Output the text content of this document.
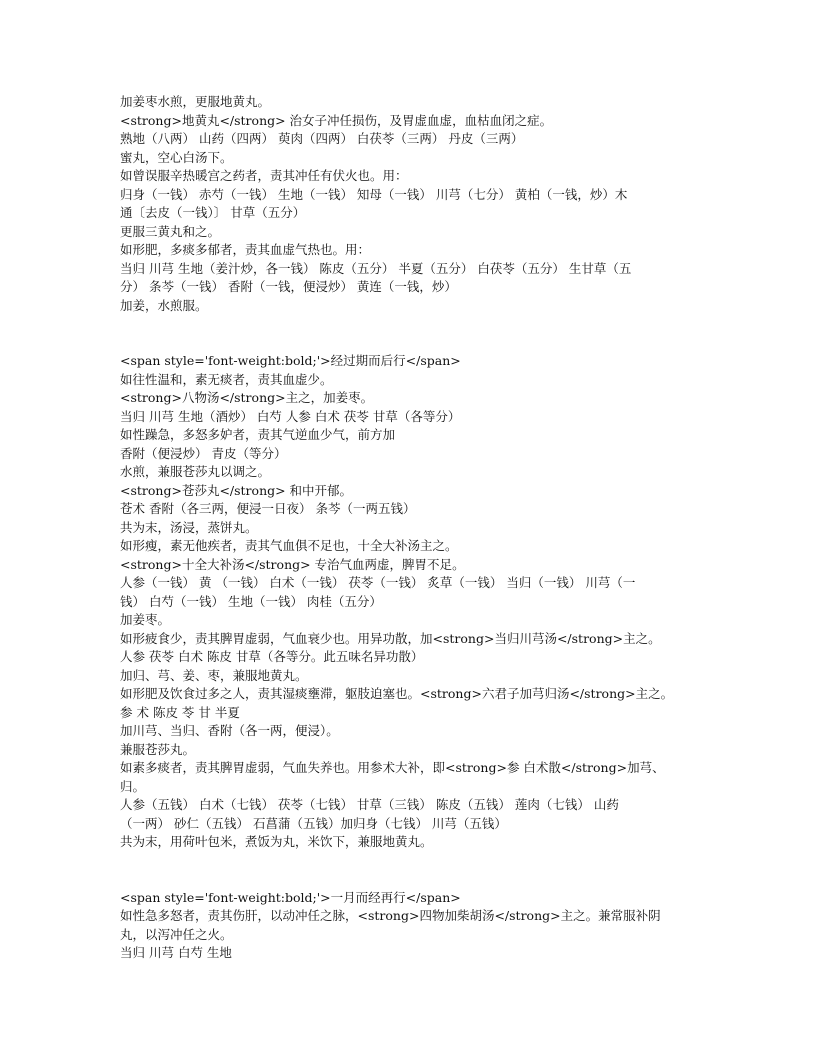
加姜枣水煎，更服地黄丸。
<strong>地黄丸</strong> 治女子冲任损伤，及胃虚血虚，血枯血闭之症。
熟地（八两） 山药（四两） 萸肉（四两） 白茯苓（三两） 丹皮（三两）
蜜丸，空心白汤下。
如曾误服辛热暖宫之药者，责其冲任有伏火也。用：
归身（一钱） 赤芍（一钱） 生地（一钱） 知母（一钱） 川芎（七分） 黄柏（一钱，炒）木
通〔去皮（一钱）〕 甘草（五分）
更服三黄丸和之。
如形肥，多痰多郁者，责其血虚气热也。用：
当归 川芎 生地（姜汁炒，各一钱） 陈皮（五分） 半夏（五分） 白茯苓（五分） 生甘草（五
分） 条芩（一钱） 香附（一钱，便浸炒） 黄连（一钱，炒）
加姜，水煎服。
<span style='font-weight:bold;'>经过期而后行</span>
如往性温和，素无痰者，责其血虚少。
<strong>八物汤</strong>主之，加姜枣。
当归 川芎 生地（酒炒） 白芍 人参 白术 茯苓 甘草（各等分）
如性躁急，多怒多妒者，责其气逆血少气，前方加
香附（便浸炒） 青皮（等分）
水煎，兼服苍莎丸以调之。
<strong>苍莎丸</strong> 和中开郁。
苍术 香附（各三两，便浸一日夜） 条芩（一两五钱）
共为末，汤浸，蒸饼丸。
如形瘦，素无他疾者，责其气血俱不足也，十全大补汤主之。
<strong>十全大补汤</strong> 专治气血两虚，脾胃不足。
人参（一钱） 黄 （一钱） 白术（一钱） 茯苓（一钱） 炙草（一钱） 当归（一钱） 川芎（一
钱） 白芍（一钱） 生地（一钱） 肉桂（五分）
加姜枣。
如形疲食少，责其脾胃虚弱，气血衰少也。用异功散，加<strong>当归川芎汤</strong>主之。
人参 茯苓 白术 陈皮 甘草（各等分。此五味名异功散）
加归、芎、姜、枣，兼服地黄丸。
如形肥及饮食过多之人，责其湿痰壅滞，躯肢迫塞也。<strong>六君子加芎归汤</strong>主之。
参 术 陈皮 苓 甘 半夏
加川芎、当归、香附（各一两，便浸）。
兼服苍莎丸。
如素多痰者，责其脾胃虚弱，气血失养也。用参术大补，即<strong>参 白术散</strong>加芎、
归。
人参（五钱） 白术（七钱） 茯苓（七钱） 甘草（三钱） 陈皮（五钱） 莲肉（七钱） 山药
（一两） 砂仁（五钱） 石菖蒲（五钱）加归身（七钱） 川芎（五钱）
共为末，用荷叶包米，煮饭为丸，米饮下，兼服地黄丸。
<span style='font-weight:bold;'>一月而经再行</span>
如性急多怒者，责其伤肝，以动冲任之脉，<strong>四物加柴胡汤</strong>主之。兼常服补阴
丸，以泻冲任之火。
当归 川芎 白芍 生地
